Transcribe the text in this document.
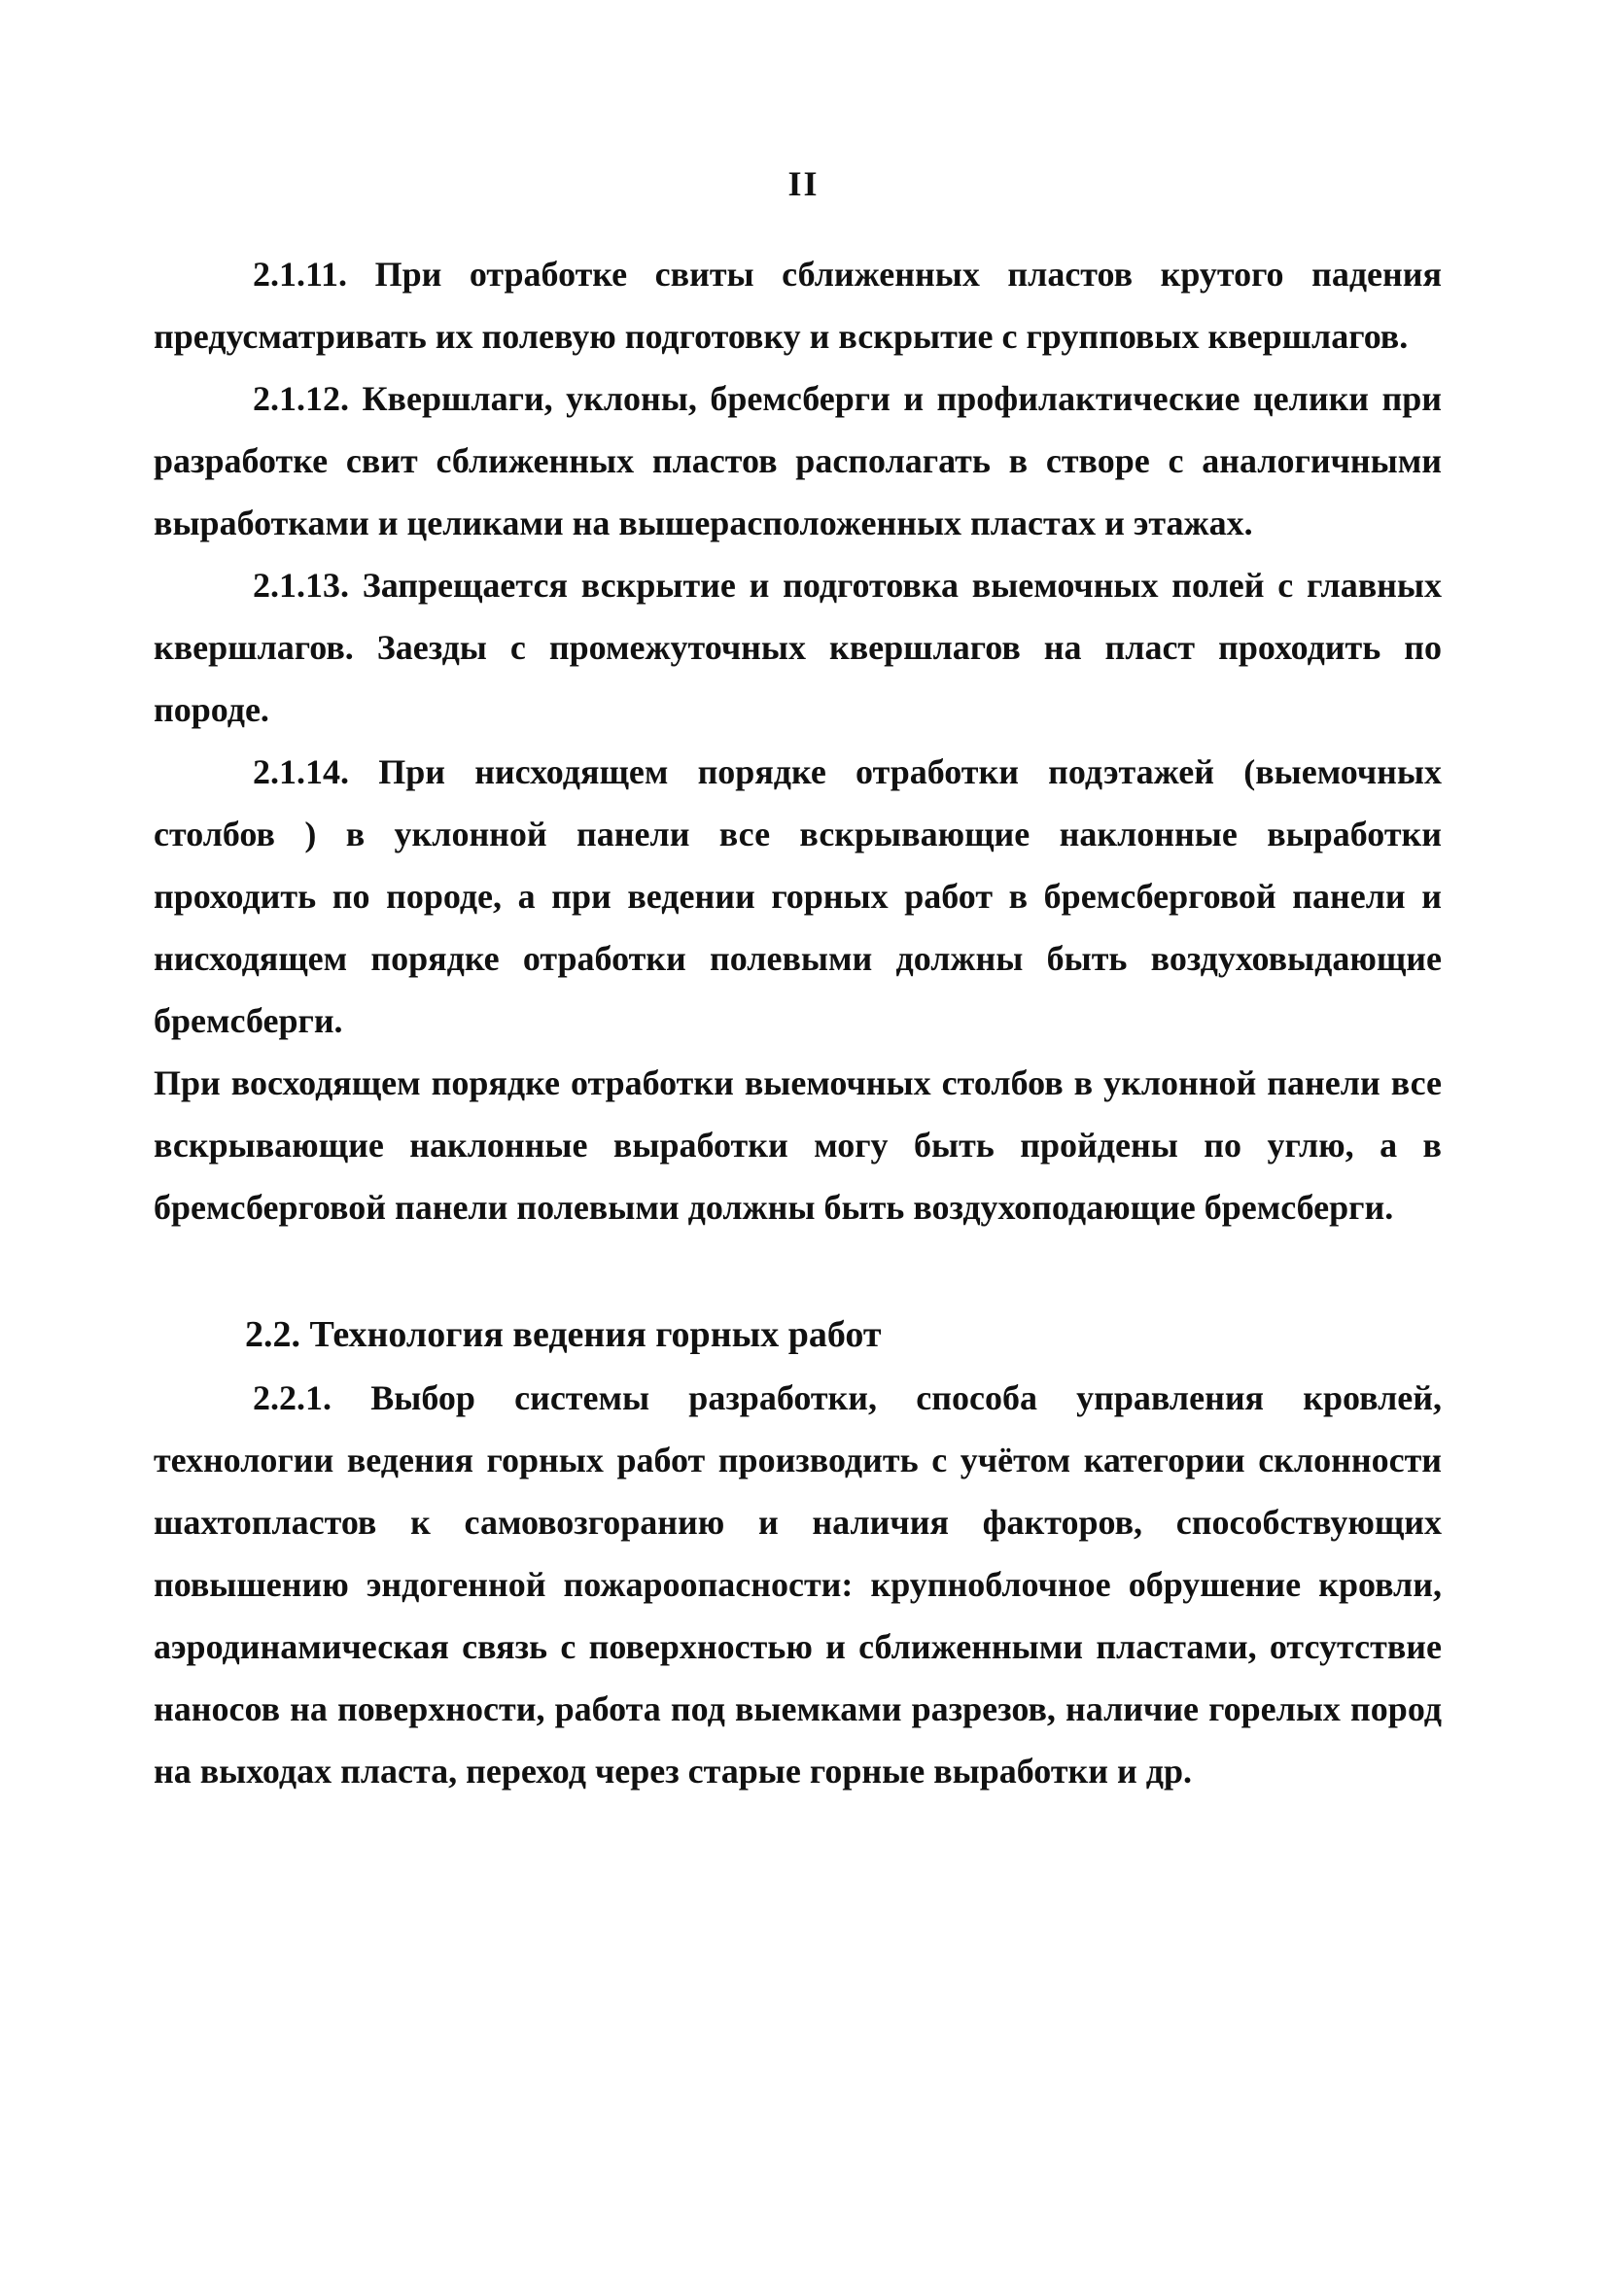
II

2.1.11. При отработке свиты сближенных пластов крутого падения предусматривать их полевую подготовку и вскрытие с групповых квершлагов.

2.1.12. Квершлаги, уклоны, бремсберги и профилактические целики при разработке свит сближенных пластов располагать в створе с аналогичными выработками и целиками на вышерасположенных пластах и этажах.

2.1.13. Запрещается вскрытие и подготовка выемочных полей с главных квершлагов. Заезды с промежуточных квершлагов на пласт проходить по породе.

2.1.14. При нисходящем порядке отработки подэтажей (выемочных столбов ) в уклонной панели все вскрывающие наклонные выработки проходить по породе, а при ведении горных работ в бремсберговой панели и нисходящем порядке отработки полевыми должны быть воздуховыдающие бремсберги.

При восходящем порядке отработки выемочных столбов в уклонной панели все вскрывающие наклонные выработки могу быть пройдены по углю, а в бремсберговой панели полевыми должны быть воздухоподающие бремсберги.

2.2. Технология ведения горных работ

2.2.1. Выбор системы разработки, способа управления кровлей, технологии ведения горных работ производить с учётом категории склонности шахтопластов к самовозгоранию и наличия факторов, способствующих повышению эндогенной пожароопасности: крупноблочное обрушение кровли, аэродинамическая связь с поверхностью и сближенными пластами, отсутствие наносов на поверхности, работа под выемками разрезов, наличие горелых пород на выходах пласта, переход через старые горные выработки и др.
